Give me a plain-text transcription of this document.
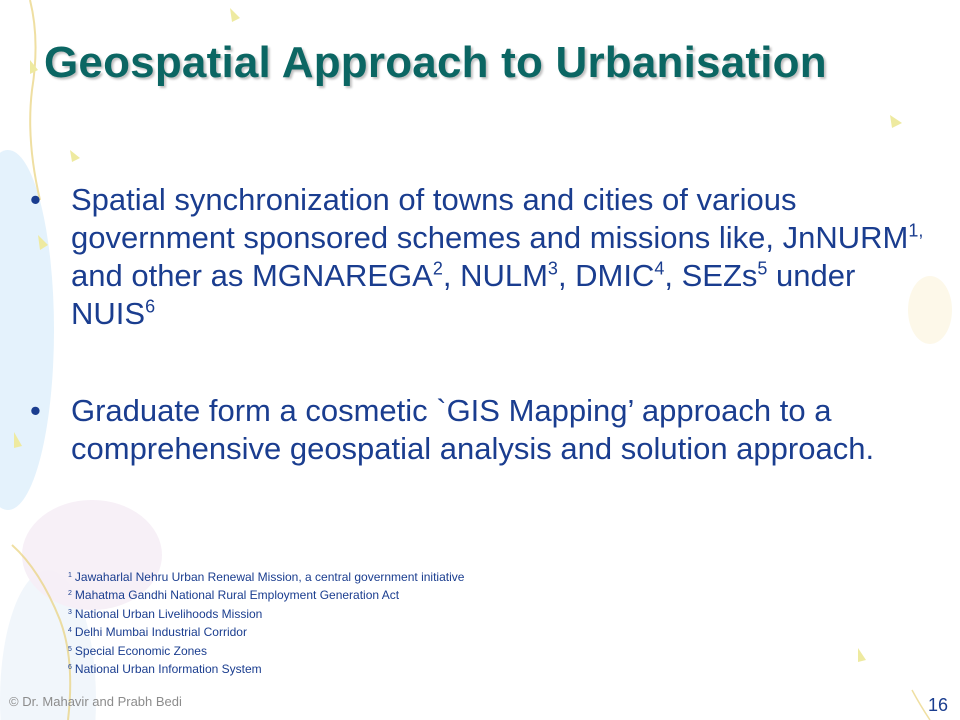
Geospatial Approach to Urbanisation
• Spatial synchronization of towns and cities of various government sponsored schemes and missions like, JnNURM$^{1,}$ and other as MGNAREGA$^2$, NULM$^3$, DMIC$^4$, SEZs$^5$ under NUIS$^6$
• Graduate form a cosmetic `GIS Mapping’ approach to a comprehensive geospatial analysis and solution approach.
$^1$ Jawaharlal Nehru Urban Renewal Mission, a central government initiative
$^2$ Mahatma Gandhi National Rural Employment Generation Act
$^3$ National Urban Livelihoods Mission
$^4$ Delhi Mumbai Industrial Corridor
$^5$ Special Economic Zones
$^6$ National Urban Information System
© Dr. Mahavir and Prabh Bedi	16
